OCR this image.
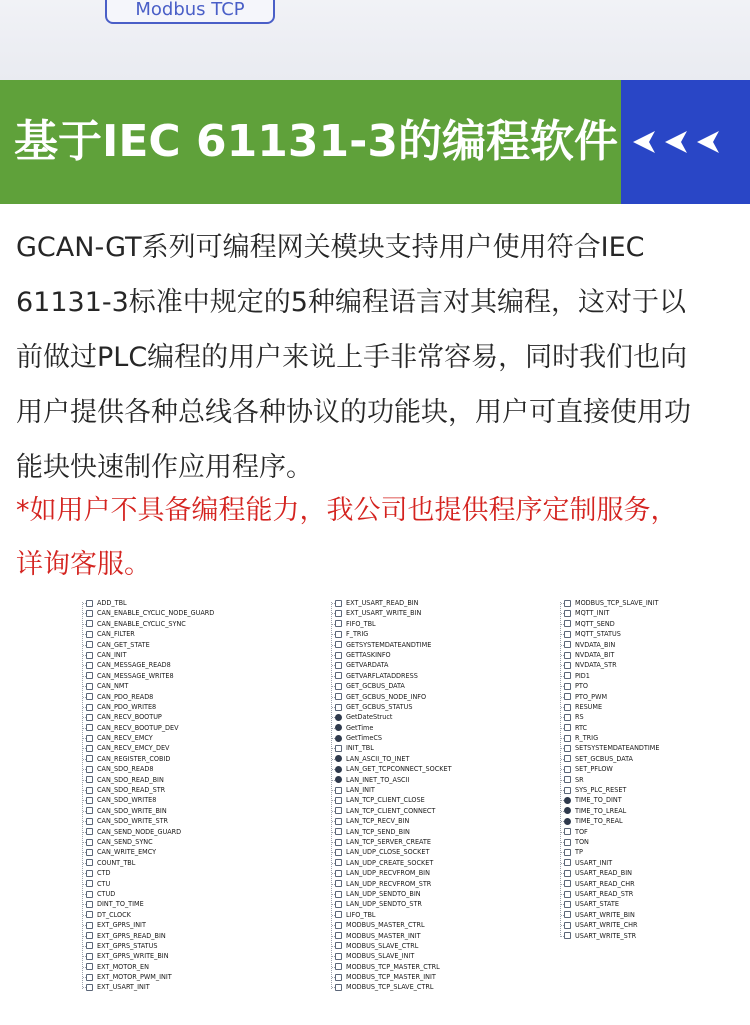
Modbus TCP
基于IEC 61131-3的编程软件
GCAN-GT系列可编程网关模块支持用户使用符合IEC
61131-3标准中规定的5种编程语言对其编程，这对于以
前做过PLC编程的用户来说上手非常容易，同时我们也向
用户提供各种总线各种协议的功能块，用户可直接使用功
能块快速制作应用程序。
*如用户不具备编程能力，我公司也提供程序定制服务，
详询客服。
ADD_TBL
CAN_ENABLE_CYCLIC_NODE_GUARD
CAN_ENABLE_CYCLIC_SYNC
CAN_FILTER
CAN_GET_STATE
CAN_INIT
CAN_MESSAGE_READ8
CAN_MESSAGE_WRITE8
CAN_NMT
CAN_PDO_READ8
CAN_PDO_WRITE8
CAN_RECV_BOOTUP
CAN_RECV_BOOTUP_DEV
CAN_RECV_EMCY
CAN_RECV_EMCY_DEV
CAN_REGISTER_COBID
CAN_SDO_READ8
CAN_SDO_READ_BIN
CAN_SDO_READ_STR
CAN_SDO_WRITE8
CAN_SDO_WRITE_BIN
CAN_SDO_WRITE_STR
CAN_SEND_NODE_GUARD
CAN_SEND_SYNC
CAN_WRITE_EMCY
COUNT_TBL
CTD
CTU
CTUD
DINT_TO_TIME
DT_CLOCK
EXT_GPRS_INIT
EXT_GPRS_READ_BIN
EXT_GPRS_STATUS
EXT_GPRS_WRITE_BIN
EXT_MOTOR_EN
EXT_MOTOR_PWM_INIT
EXT_USART_INIT
EXT_USART_READ_BIN
EXT_USART_WRITE_BIN
FIFO_TBL
F_TRIG
GETSYSTEMDATEANDTIME
GETTASKINFO
GETVARDATA
GETVARFLATADDRESS
GET_GCBUS_DATA
GET_GCBUS_NODE_INFO
GET_GCBUS_STATUS
GetDateStruct
GetTime
GetTimeCS
INIT_TBL
LAN_ASCII_TO_INET
LAN_GET_TCPCONNECT_SOCKET
LAN_INET_TO_ASCII
LAN_INIT
LAN_TCP_CLIENT_CLOSE
LAN_TCP_CLIENT_CONNECT
LAN_TCP_RECV_BIN
LAN_TCP_SEND_BIN
LAN_TCP_SERVER_CREATE
LAN_UDP_CLOSE_SOCKET
LAN_UDP_CREATE_SOCKET
LAN_UDP_RECVFROM_BIN
LAN_UDP_RECVFROM_STR
LAN_UDP_SENDTO_BIN
LAN_UDP_SENDTO_STR
LIFO_TBL
MODBUS_MASTER_CTRL
MODBUS_MASTER_INIT
MODBUS_SLAVE_CTRL
MODBUS_SLAVE_INIT
MODBUS_TCP_MASTER_CTRL
MODBUS_TCP_MASTER_INIT
MODBUS_TCP_SLAVE_CTRL
MODBUS_TCP_SLAVE_INIT
MQTT_INIT
MQTT_SEND
MQTT_STATUS
NVDATA_BIN
NVDATA_BIT
NVDATA_STR
PID1
PTO
PTO_PWM
RESUME
RS
RTC
R_TRIG
SETSYSTEMDATEANDTIME
SET_GCBUS_DATA
SET_PFLOW
SR
SYS_PLC_RESET
TIME_TO_DINT
TIME_TO_LREAL
TIME_TO_REAL
TOF
TON
TP
USART_INIT
USART_READ_BIN
USART_READ_CHR
USART_READ_STR
USART_STATE
USART_WRITE_BIN
USART_WRITE_CHR
USART_WRITE_STR
